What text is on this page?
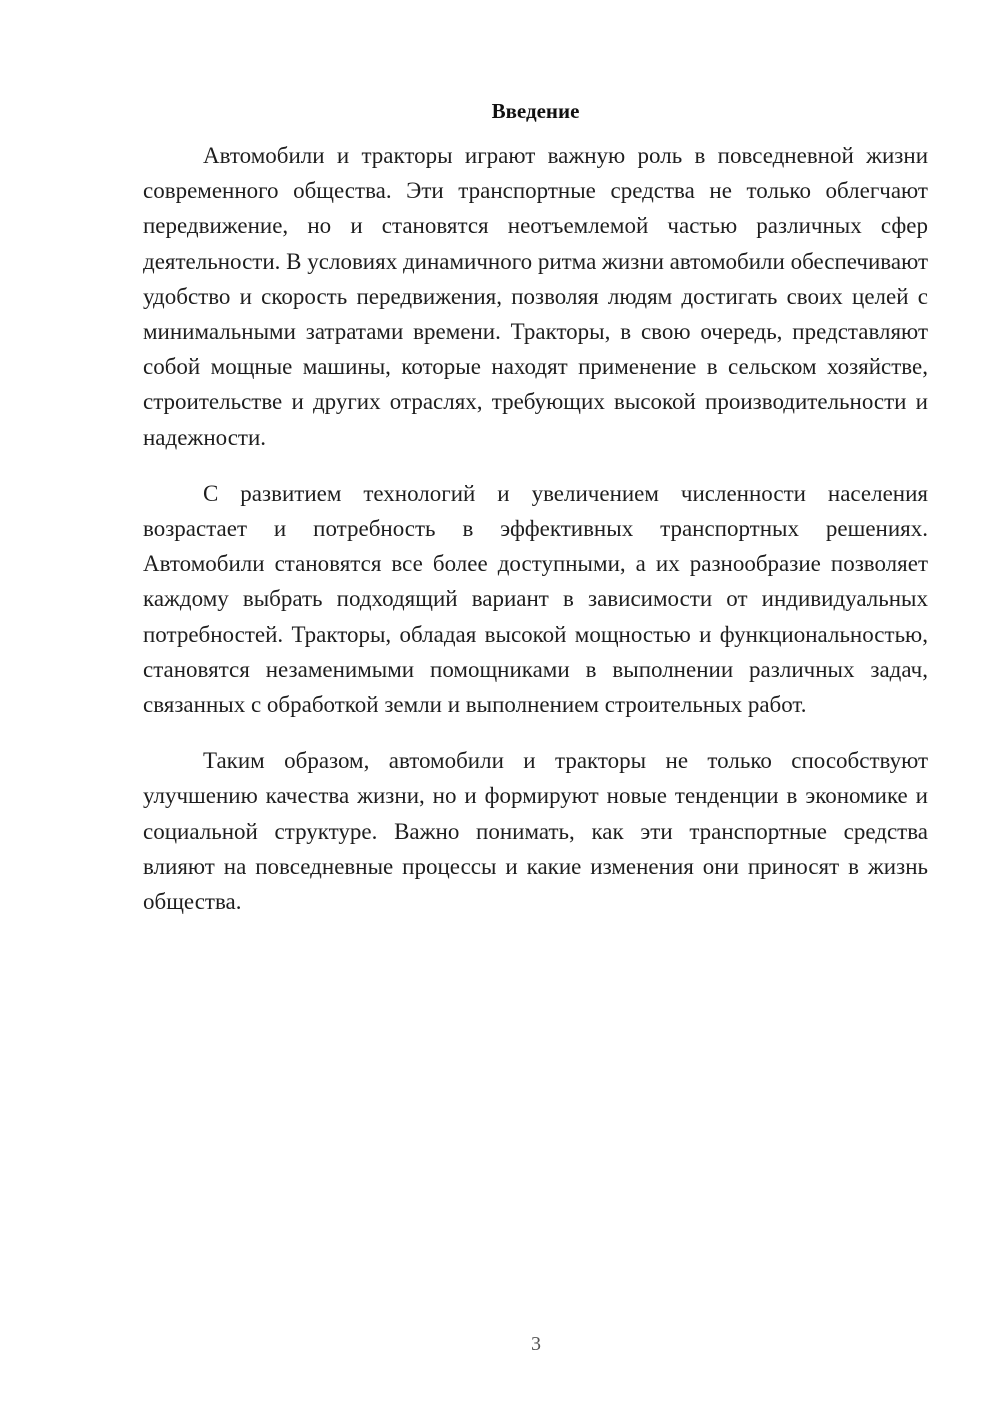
Введение

Автомобили и тракторы играют важную роль в повседневной жизни современного общества. Эти транспортные средства не только облегчают передвижение, но и становятся неотъемлемой частью различных сфер деятельности. В условиях динамичного ритма жизни автомобили обеспечивают удобство и скорость передвижения, позволяя людям достигать своих целей с минимальными затратами времени. Тракторы, в свою очередь, представляют собой мощные машины, которые находят применение в сельском хозяйстве, строительстве и других отраслях, требующих высокой производительности и надежности.

С развитием технологий и увеличением численности населения возрастает и потребность в эффективных транспортных решениях. Автомобили становятся все более доступными, а их разнообразие позволяет каждому выбрать подходящий вариант в зависимости от индивидуальных потребностей. Тракторы, обладая высокой мощностью и функциональностью, становятся незаменимыми помощниками в выполнении различных задач, связанных с обработкой земли и выполнением строительных работ.

Таким образом, автомобили и тракторы не только способствуют улучшению качества жизни, но и формируют новые тенденции в экономике и социальной структуре. Важно понимать, как эти транспортные средства влияют на повседневные процессы и какие изменения они приносят в жизнь общества.

3
